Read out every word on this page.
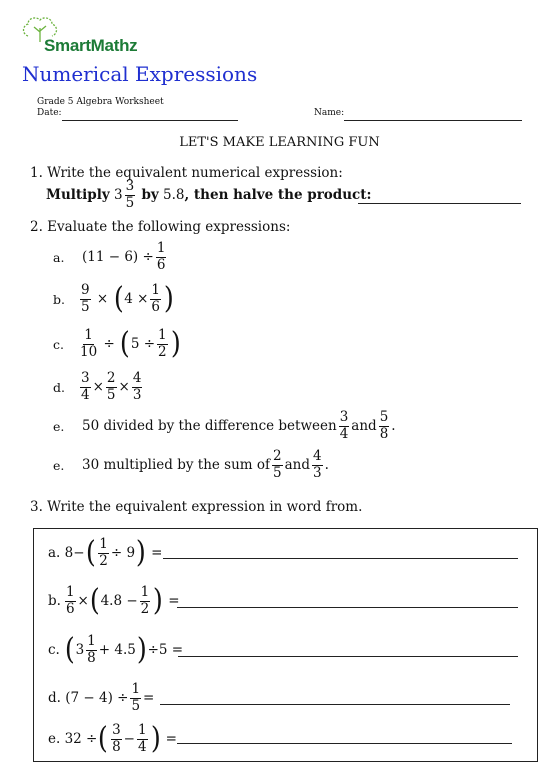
SmartMathz
Numerical Expressions
Grade 5 Algebra Worksheet
Date:	Name:
LET'S MAKE LEARNING FUN
1. Write the equivalent numerical expression:
Multiply
$3 \frac{3}{5}$
by
5.8 , then halve the product:
2. Evaluate the following expressions:
a.	$(11 - 6) \div \frac{1}{6}$
b.	$\frac{9}{5}$ × ( $4 \times \frac{1}{6}$ )
c.	$\frac{1}{10}$ ÷ ( $5 \div \frac{1}{2}$ )
d.	$\frac{3}{4} \times \frac{2}{5} \times \frac{4}{3}$
e.	50 divided by the difference between $\frac{3}{4}$ and $\frac{5}{8}$ .
e.	30 multiplied by the sum of $\frac{2}{5}$ and $\frac{4}{3}$ .
3. Write the equivalent expression in word from.
a. 8− ( $\frac{1}{2} \div 9$ ) =
b. $\frac{1}{6}$ × ( $4.8 - \frac{1}{2}$ ) =
c. ( $3 \frac{1}{8} + 4.5$ ) ÷5 =
d. $(7 - 4) \div \frac{1}{5}$ =
e. 32 ÷ ( $\frac{3}{8} - \frac{1}{4}$ ) =
